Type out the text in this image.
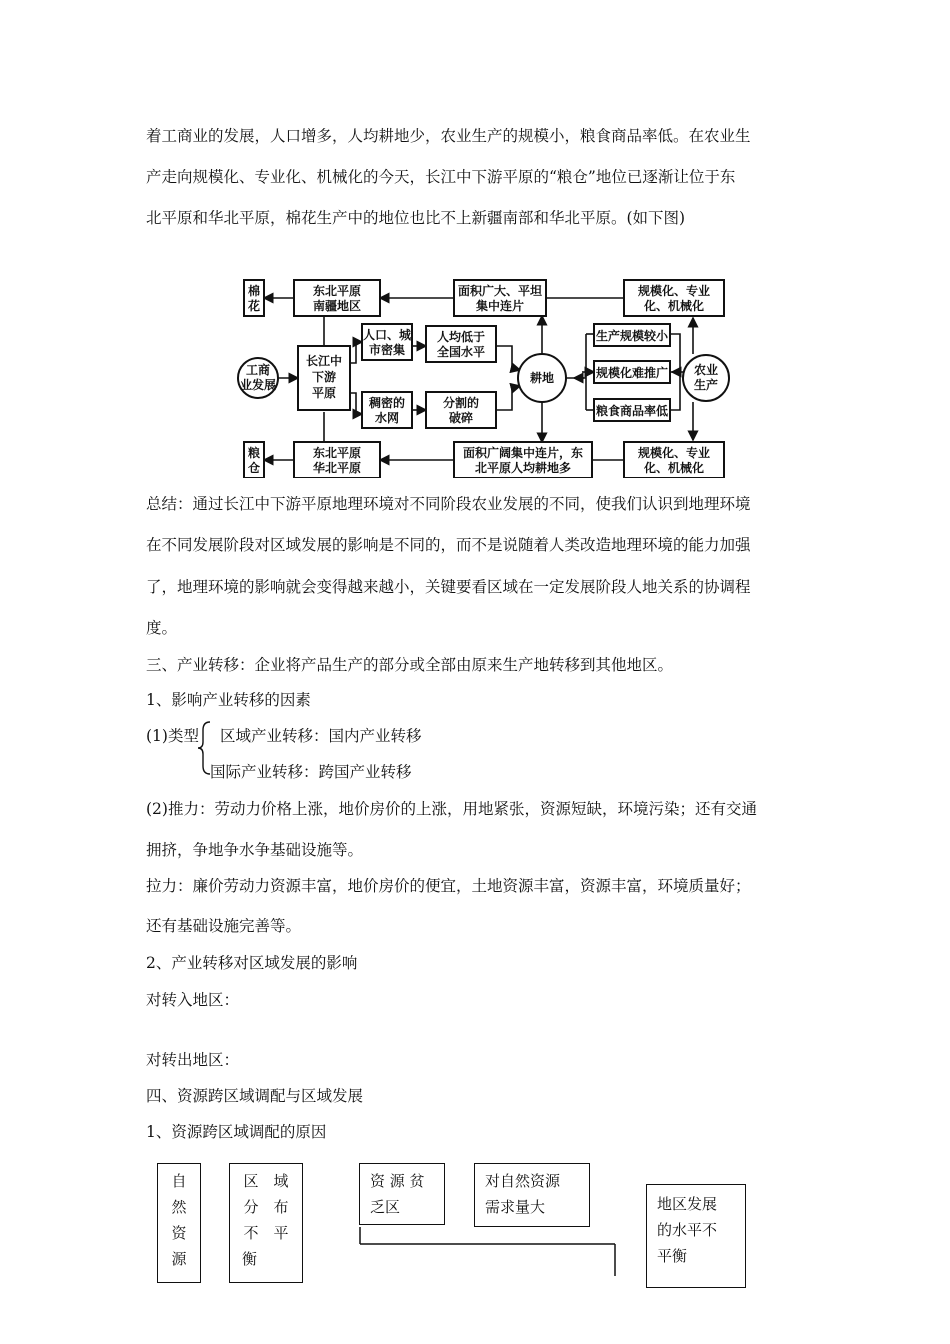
着工商业的发展，人口增多，人均耕地少，农业生产的规模小，粮食商品率低。在农业生
产走向规模化、专业化、机械化的今天，长江中下游平原的“粮仓”地位已逐渐让位于东
北平原和华北平原，棉花生产中的地位也比不上新疆南部和华北平原。(如下图)
棉
花
粮
仓
东北平原
南疆地区
东北平原
华北平原
面积广大、平坦
集中连片
面积广阔集中连片，东
北平原人均耕地多
规模化、专业
化、机械化
规模化、专业
化、机械化
工商
业发展
长江中
下游
平原
人口、城
市密集
人均低于
全国水平
稠密的
水网
分割的
破碎
耕地
生产规模较小
规模化难推广
粮食商品率低
农业
生产
总结：通过长江中下游平原地理环境对不同阶段农业发展的不同，使我们认识到地理环境
在不同发展阶段对区域发展的影响是不同的，而不是说随着人类改造地理环境的能力加强
了，地理环境的影响就会变得越来越小，关键要看区域在一定发展阶段人地关系的协调程
度。
三、产业转移：企业将产品生产的部分或全部由原来生产地转移到其他地区。
1、影响产业转移的因素
(1)类型 区域产业转移：国内产业转移
国际产业转移：跨国产业转移
(2)推力：劳动力价格上涨，地价房价的上涨，用地紧张，资源短缺，环境污染；还有交通
拥挤，争地争水争基础设施等。
拉力：廉价劳动力资源丰富，地价房价的便宜，土地资源丰富，资源丰富，环境质量好；
还有基础设施完善等。
2、产业转移对区域发展的影响
对转入地区：
对转出地区：
四、资源跨区域调配与区域发展
1、资源跨区域调配的原因
自
然
资
源
区　域
分　布
不　平
衡
资 源 贫
乏区
对自然资源
需求量大	地区发展
的水平不
平衡
